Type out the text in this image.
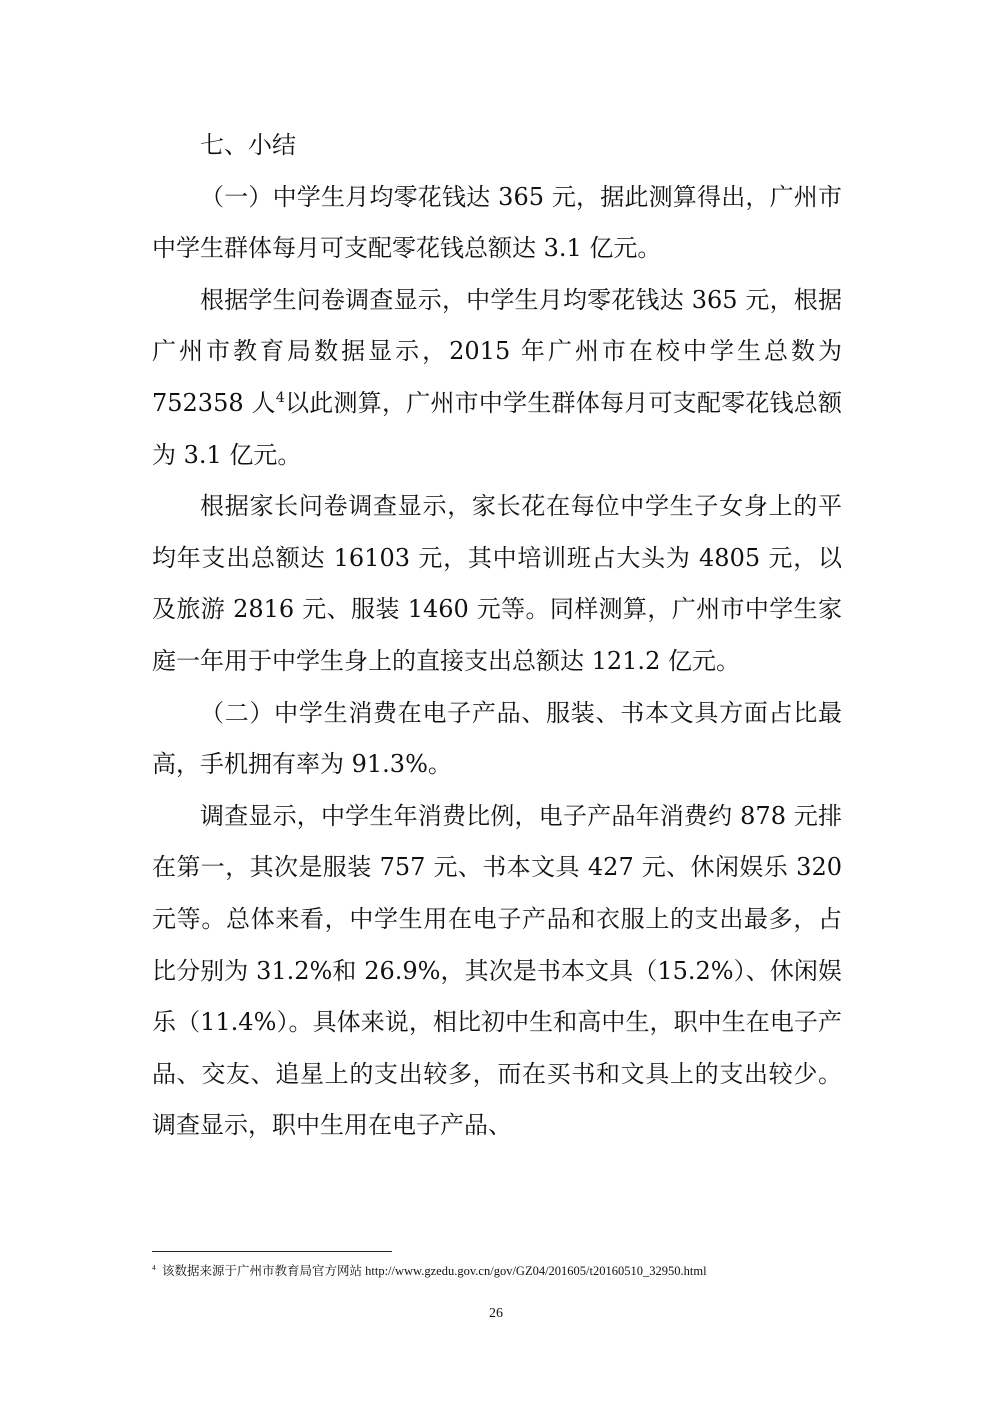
七、小结

（一）中学生月均零花钱达 365 元，据此测算得出，广州市中学生群体每月可支配零花钱总额达 3.1 亿元。

根据学生问卷调查显示，中学生月均零花钱达 365 元，根据广州市教育局数据显示，2015 年广州市在校中学生总数为 752358 人$^4$以此测算，广州市中学生群体每月可支配零花钱总额为 3.1 亿元。

根据家长问卷调查显示，家长花在每位中学生子女身上的平均年支出总额达 16103 元，其中培训班占大头为 4805 元，以及旅游 2816 元、服装 1460 元等。同样测算，广州市中学生家庭一年用于中学生身上的直接支出总额达 121.2 亿元。

（二）中学生消费在电子产品、服装、书本文具方面占比最高，手机拥有率为 91.3%。

调查显示，中学生年消费比例，电子产品年消费约 878 元排在第一，其次是服装 757 元、书本文具 427 元、休闲娱乐 320 元等。总体来看，中学生用在电子产品和衣服上的支出最多，占比分别为 31.2%和 26.9%，其次是书本文具（15.2%）、休闲娱乐（11.4%）。具体来说，相比初中生和高中生，职中生在电子产品、交友、追星上的支出较多，而在买书和文具上的支出较少。调查显示，职中生用在电子产品、

$^4$ 该数据来源于广州市教育局官方网站 http://www.gzedu.gov.cn/gov/GZ04/201605/t20160510_32950.html
26
